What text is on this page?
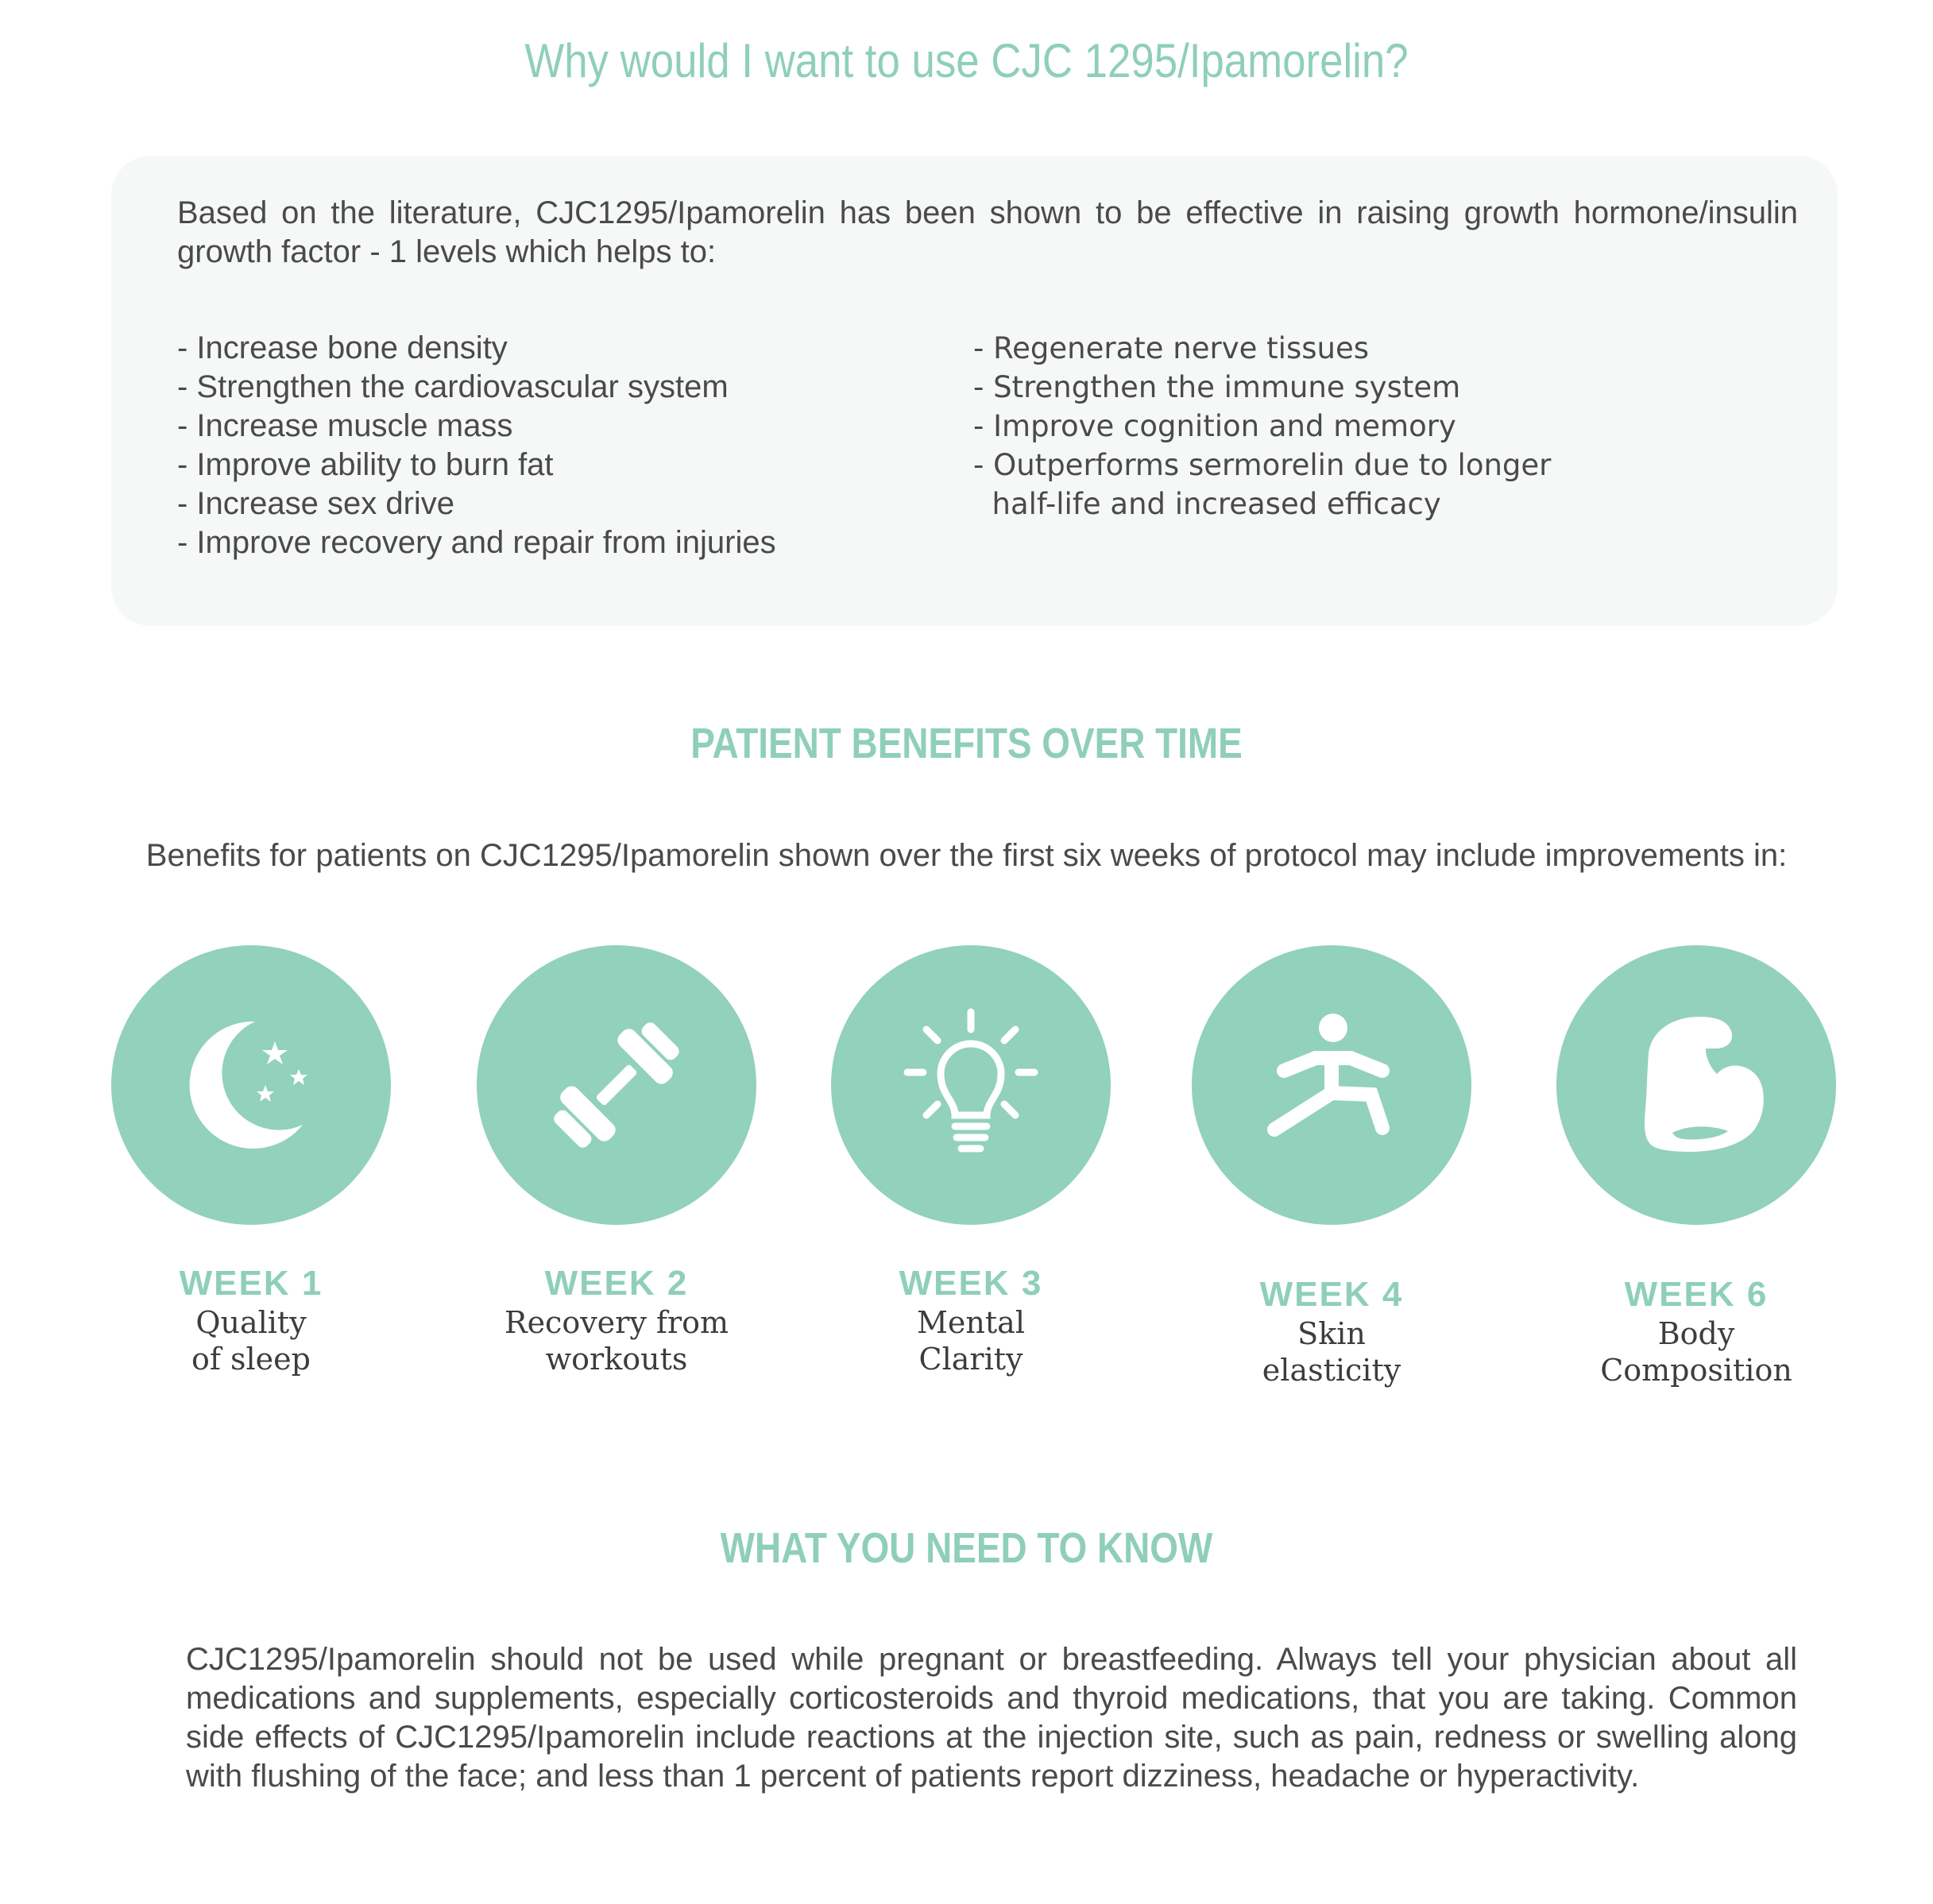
Why would I want to use CJC 1295/Ipamorelin?
Based on the literature, CJC1295/Ipamorelin has been shown to be effective in raising growth hormone/insulin growth factor - 1 levels which helps to:
- Increase bone density
- Strengthen the cardiovascular system
- Increase muscle mass
- Improve ability to burn fat
- Increase sex drive
- Improve recovery and repair from injuries
- Regenerate nerve tissues
- Strengthen the immune system
- Improve cognition and memory
- Outperforms sermorelin due to longer
half-life and increased efficacy
PATIENT BENEFITS OVER TIME
Benefits for patients on CJC1295/Ipamorelin shown over the first six weeks of protocol may include improvements in:
WEEK 1
Quality
of sleep
WEEK 2
Recovery from
workouts
WEEK 3
Mental
Clarity
WEEK 4
Skin
elasticity
WEEK 6
Body
Composition
WHAT YOU NEED TO KNOW
CJC1295/Ipamorelin should not be used while pregnant or breastfeeding. Always tell your physician about all medications and supplements, especially corticosteroids and thyroid medications, that you are taking. Common side effects of CJC1295/Ipamorelin include reactions at the injection site, such as pain, redness or swelling along with flushing of the face; and less than 1 percent of patients report dizziness, headache or hyperactivity.
